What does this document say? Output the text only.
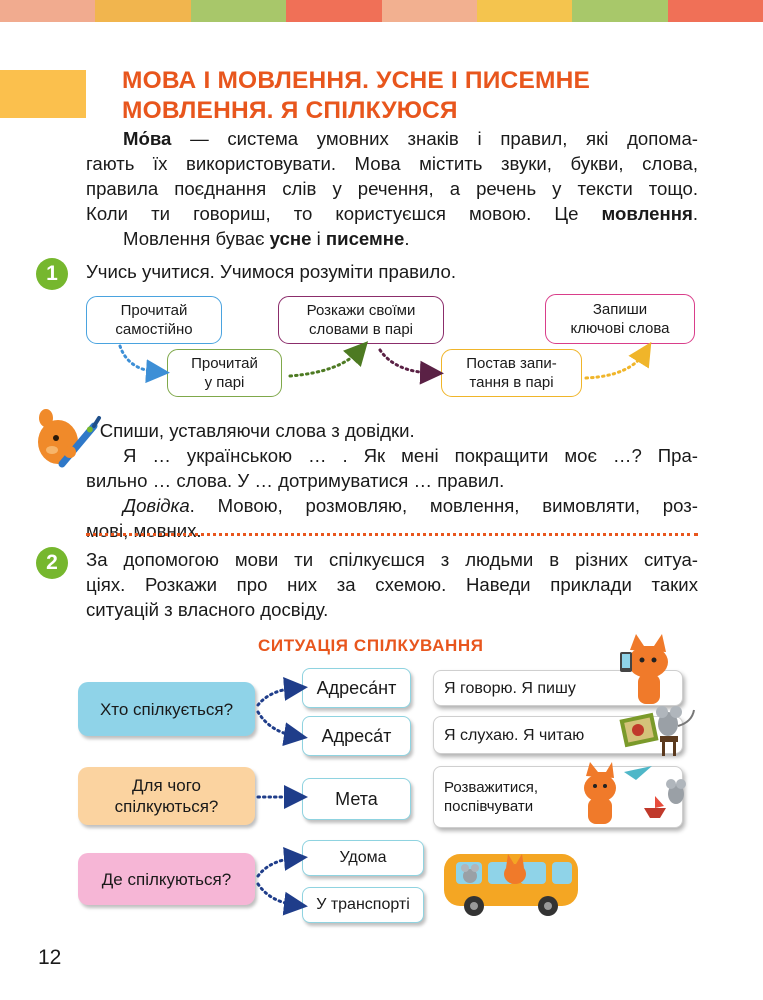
МОВА І МОВЛЕННЯ. УСНЕ І ПИСЕМНЕ
МОВЛЕННЯ. Я СПІЛКУЮСЯ
Мо́ва — система умовних знаків і правил, які допома-
гають їх використовувати. Мова містить звуки, букви, слова,
правила поєднання слів у речення, а речень у тексти тощо.
Коли ти говориш, то користуєшся мовою. Це мовлення.
Мовлення буває усне і писемне.
1	Учись учитися. Учимося розуміти правило.
Прочитай
самостійно
Прочитай
у парі
Розкажи своїми
словами в парі
Постав запи-
тання в парі
Запиши
ключові слова
• Спиши, уставляючи слова з довідки.
Я … українською … . Як мені покращити моє …? Пра-
вильно … слова. У … дотримуватися … правил.
Довідка. Мовою, розмовляю, мовлення, вимовляти, роз-
мові, мовних.
2	За допомогою мови ти спілкуєшся з людьми в різних ситуа-
ціях. Розкажи про них за схемою. Наведи приклади таких
ситуацій з власного досвіду.
СИТУАЦІЯ СПІЛКУВАННЯ
Хто спілкується?
Для чого
спілкуються?
Де спілкуються?
Адреса́нт
Адреса́т
Мета
Удома
У транспорті
Я говорю. Я пишу
Я слухаю. Я читаю
Розважитися,
поспівчувати
12
